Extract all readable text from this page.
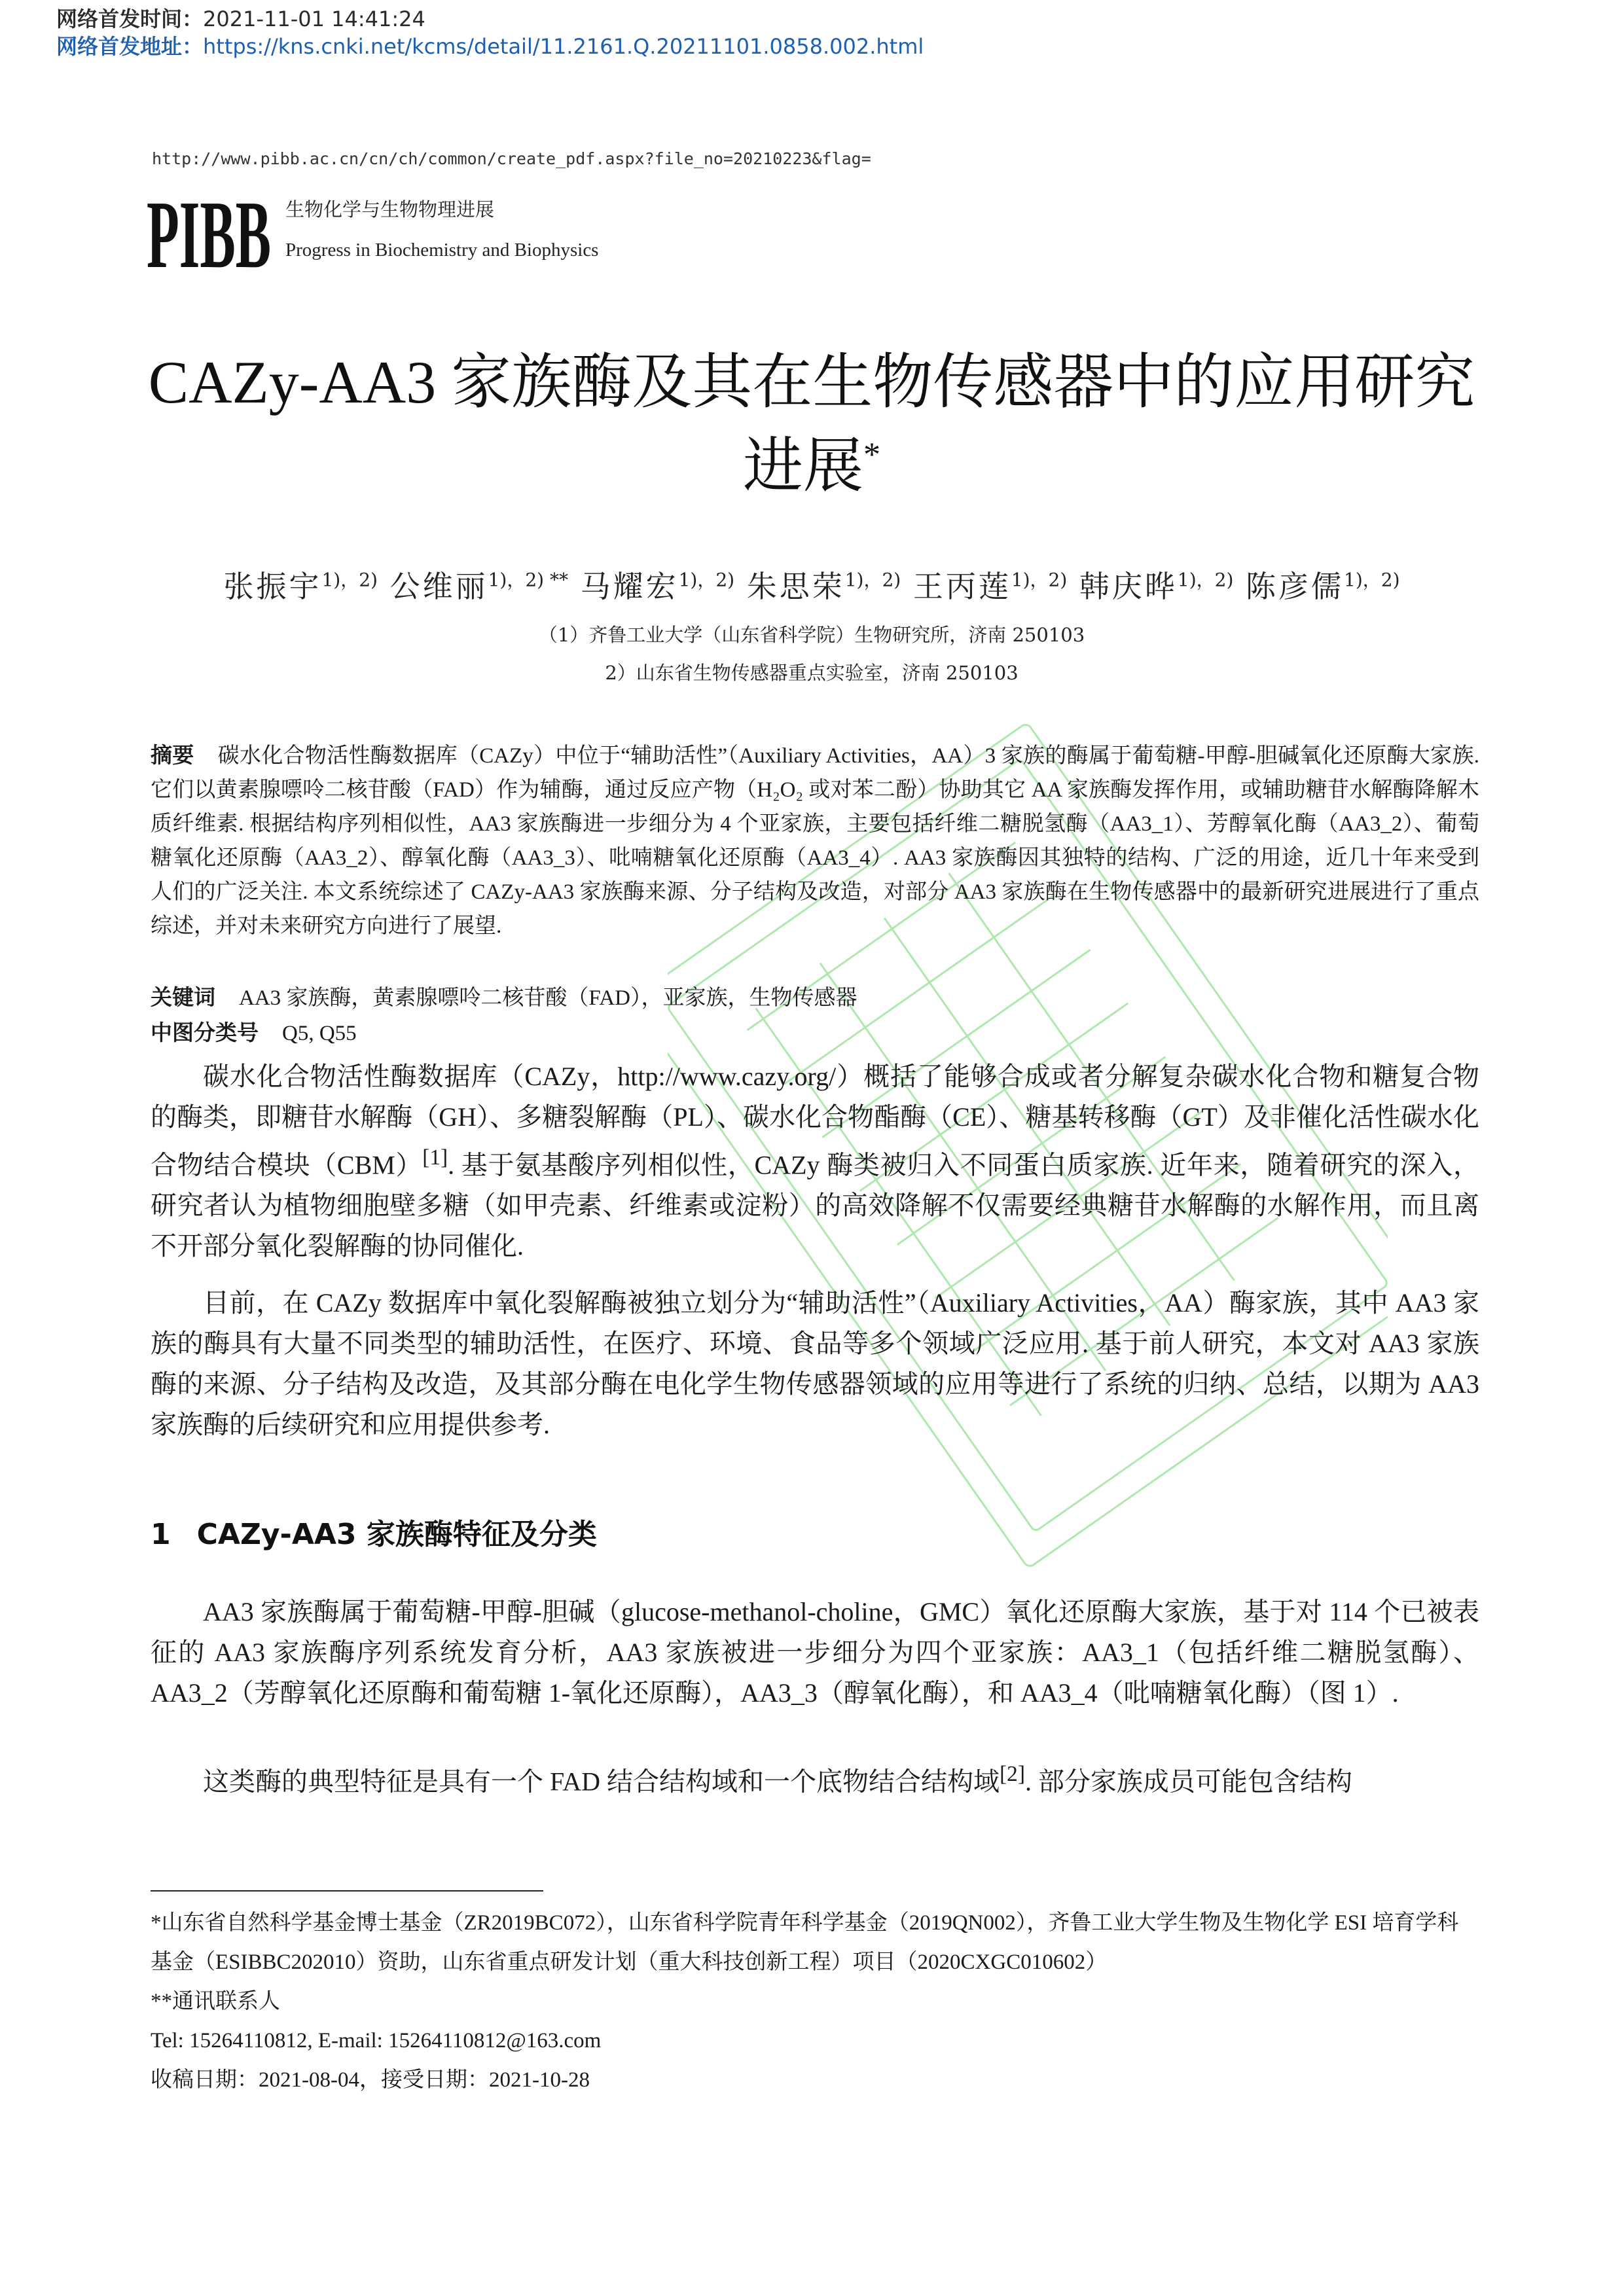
网络首发时间：2021-11-01 14:41:24
网络首发地址：https://kns.cnki.net/kcms/detail/11.2161.Q.20211101.0858.002.html
http://www.pibb.ac.cn/cn/ch/common/create_pdf.aspx?file_no=20210223&flag=
PIBB 生物化学与生物物理进展
Progress in Biochemistry and Biophysics
CAZy-AA3 家族酶及其在生物传感器中的应用研究
进展*
张振宇$^{1),2)}$ 公维丽$^{1),2) **}$ 马耀宏$^{1),2)}$ 朱思荣$^{1),2)}$ 王丙莲$^{1),2)}$ 韩庆晔$^{1),2)}$ 陈彦儒$^{1),2)}$
（1）齐鲁工业大学（山东省科学院）生物研究所，济南 250103
2）山东省生物传感器重点实验室，济南 250103
摘要 碳水化合物活性酶数据库（CAZy）中位于“辅助活性”（Auxiliary Activities，AA）3 家族的酶属于葡萄糖-甲醇-胆碱氧化还原酶大家族. 它们以黄素腺嘌呤二核苷酸（FAD）作为辅酶，通过反应产物（H₂O₂ 或对苯二酚）协助其它 AA 家族酶发挥作用，或辅助糖苷水解酶降解木质纤维素. 根据结构序列相似性，AA3 家族酶进一步细分为 4 个亚家族，主要包括纤维二糖脱氢酶（AA3_1）、芳醇氧化酶（AA3_2）、葡萄糖氧化还原酶（AA3_2）、醇氧化酶（AA3_3）、吡喃糖氧化还原酶（AA3_4）. AA3 家族酶因其独特的结构、广泛的用途，近几十年来受到人们的广泛关注. 本文系统综述了 CAZy-AA3 家族酶来源、分子结构及改造，对部分 AA3 家族酶在生物传感器中的最新研究进展进行了重点综述，并对未来研究方向进行了展望.
关键词 AA3 家族酶，黄素腺嘌呤二核苷酸（FAD），亚家族，生物传感器
中图分类号 Q5, Q55
碳水化合物活性酶数据库（CAZy，http://www.cazy.org/）概括了能够合成或者分解复杂碳水化合物和糖复合物的酶类，即糖苷水解酶（GH）、多糖裂解酶（PL）、碳水化合物酯酶（CE）、糖基转移酶（GT）及非催化活性碳水化合物结合模块（CBM）[1]. 基于氨基酸序列相似性，CAZy 酶类被归入不同蛋白质家族. 近年来，随着研究的深入，研究者认为植物细胞壁多糖（如甲壳素、纤维素或淀粉）的高效降解不仅需要经典糖苷水解酶的水解作用，而且离不开部分氧化裂解酶的协同催化.
目前，在 CAZy 数据库中氧化裂解酶被独立划分为“辅助活性”（Auxiliary Activities，AA）酶家族，其中 AA3 家族的酶具有大量不同类型的辅助活性，在医疗、环境、食品等多个领域广泛应用. 基于前人研究，本文对 AA3 家族酶的来源、分子结构及改造，及其部分酶在电化学生物传感器领域的应用等进行了系统的归纳、总结，以期为 AA3 家族酶的后续研究和应用提供参考.
1 CAZy-AA3 家族酶特征及分类
AA3 家族酶属于葡萄糖-甲醇-胆碱（glucose-methanol-choline，GMC）氧化还原酶大家族，基于对 114 个已被表征的 AA3 家族酶序列系统发育分析，AA3 家族被进一步细分为四个亚家族：AA3_1（包括纤维二糖脱氢酶）、AA3_2（芳醇氧化还原酶和葡萄糖 1-氧化还原酶），AA3_3（醇氧化酶），和 AA3_4（吡喃糖氧化酶）（图 1）.
这类酶的典型特征是具有一个 FAD 结合结构域和一个底物结合结构域[2]. 部分家族成员可能包含结构
*山东省自然科学基金博士基金（ZR2019BC072），山东省科学院青年科学基金（2019QN002），齐鲁工业大学生物及生物化学 ESI 培育学科基金（ESIBBC202010）资助，山东省重点研发计划（重大科技创新工程）项目（2020CXGC010602）
**通讯联系人
Tel: 15264110812, E-mail: 15264110812@163.com
收稿日期：2021-08-04，接受日期：2021-10-28
